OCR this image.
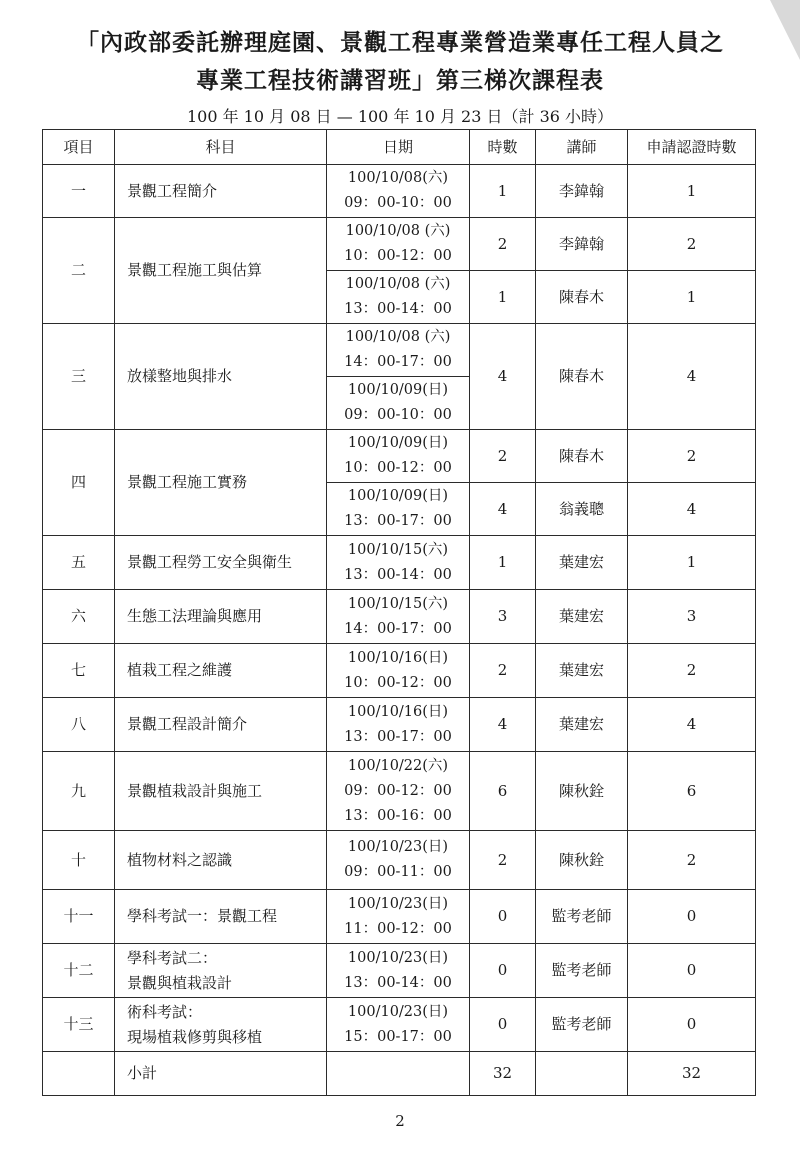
「內政部委託辦理庭園、景觀工程專業營造業專任工程人員之
專業工程技術講習班」第三梯次課程表
100 年 10 月 08 日 — 100 年 10 月 23 日（計 36 小時）
項目	科目	日期	時數	講師	申請認證時數
一	景觀工程簡介	100/10/08(六)
09：00-10：00	1	李鍏翰	1
二	景觀工程施工與估算	100/10/08 (六)
10：00-12：00	2	李鍏翰	2

		100/10/08 (六)
13：00-14：00	1	陳春木	1
三	放樣整地與排水	100/10/08 (六)
14：00-17：00	4	陳春木	4

		100/10/09(日)
09：00-10：00			

四	景觀工程施工實務	100/10/09(日)
10：00-12：00	2	陳春木	2

		100/10/09(日)
13：00-17：00	4	翁義聰	4
五	景觀工程勞工安全與衛生	100/10/15(六)
13：00-14：00	1	葉建宏	1
六	生態工法理論與應用	100/10/15(六)
14：00-17：00	3	葉建宏	3
七	植栽工程之維護	100/10/16(日)
10：00-12：00	2	葉建宏	2
八	景觀工程設計簡介	100/10/16(日)
13：00-17：00	4	葉建宏	4
九	景觀植栽設計與施工	100/10/22(六)
09：00-12：00
13：00-16：00	6	陳秋銓	6
十	植物材料之認識	100/10/23(日)
09：00-11：00	2	陳秋銓	2
十一	學科考試一：景觀工程	100/10/23(日)
11：00-12：00	0	監考老師	0
十二	學科考試二：
景觀與植栽設計	100/10/23(日)
13：00-14：00	0	監考老師	0
十三	術科考試：
現場植栽修剪與移植	100/10/23(日)
15：00-17：00	0	監考老師	0
	小計		32		32
2
